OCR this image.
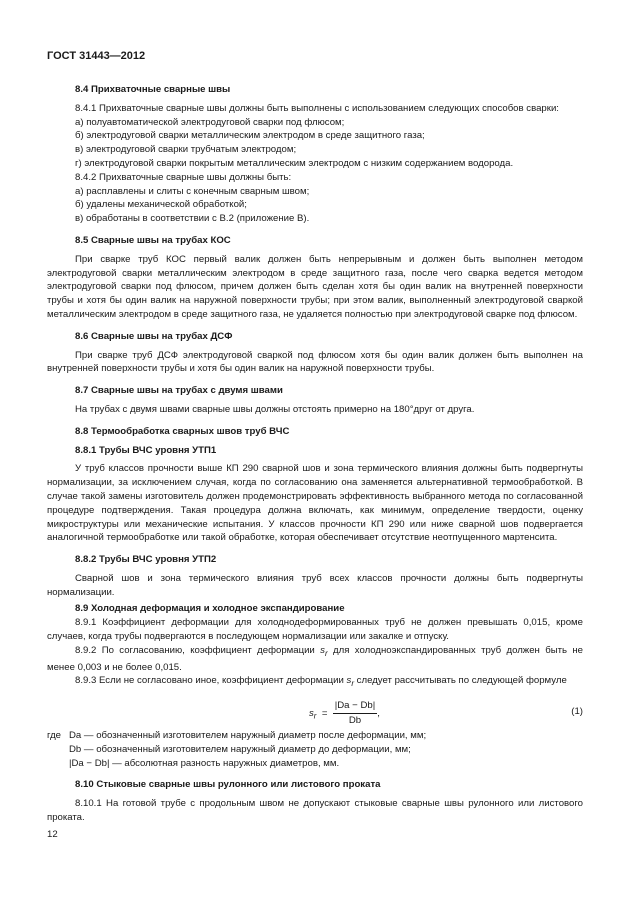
ГОСТ 31443—2012
8.4 Прихваточные сварные швы

8.4.1 Прихваточные сварные швы должны быть выполнены с использованием следующих способов сварки:

а) полуавтоматической электродуговой сварки под флюсом;
б) электродуговой сварки металлическим электродом в среде защитного газа;
в) электродуговой сварки трубчатым электродом;
г) электродуговой сварки покрытым металлическим электродом с низким содержанием водорода.

8.4.2 Прихваточные сварные швы должны быть:

а) расплавлены и слиты с конечным сварным швом;
б) удалены механической обработкой;
в) обработаны в соответствии с В.2 (приложение В).
8.5 Сварные швы на трубах КОС

При сварке труб КОС первый валик должен быть непрерывным и должен быть выполнен методом электродуговой сварки металлическим электродом в среде защитного газа, после чего сварка ведется методом электродуговой сварки под флюсом, причем должен быть сделан хотя бы один валик на внутренней поверхности трубы и хотя бы один валик на наружной поверхности трубы; при этом валик, выполненный электродуговой сваркой металлическим электродом в среде защитного газа, не удаляется полностью при электродуговой сварке под флюсом.

8.6 Сварные швы на трубах ДСФ

При сварке труб ДСФ электродуговой сваркой под флюсом хотя бы один валик должен быть выполнен на внутренней поверхности трубы и хотя бы один валик на наружной поверхности трубы.

8.7 Сварные швы на трубах с двумя швами

На трубах с двумя швами сварные швы должны отстоять примерно на 180°друг от друга.

8.8 Термообработка сварных швов труб ВЧС
8.8.1 Трубы ВЧС уровня УТП1

У труб классов прочности выше КП 290 сварной шов и зона термического влияния должны быть подвергнуты нормализации, за исключением случая, когда по согласованию она заменяется альтернативной термообработкой. В случае такой замены изготовитель должен продемонстрировать эффективность выбранного метода по согласованной процедуре подтверждения. Такая процедура должна включать, как минимум, определение твердости, оценку микроструктуры или механические испытания. У классов прочности КП 290 или ниже сварной шов подвергается аналогичной термообработке или такой обработке, которая обеспечивает отсутствие неотпущенного мартенсита.

8.8.2 Трубы ВЧС уровня УТП2

Сварной шов и зона термического влияния труб всех классов прочности должны быть подвергнуты нормализации.

8.9 Холодная деформация и холодное экспандирование

8.9.1 Коэффициент деформации для холоднодеформированных труб не должен превышать 0,015, кроме случаев, когда трубы подвергаются в последующем нормализации или закалке и отпуску.

8.9.2 По согласованию, коэффициент деформации $s_r$ для холодноэкспандированных труб должен быть не менее 0,003 и не более 0,015.

8.9.3 Если не согласовано иное, коэффициент деформации $s_r$ следует рассчитывать по следующей формуле

$s_r = \frac{|Da - Db|}{Db}$ ,	(1)
где Da — обозначенный изготовителем наружный диаметр после деформации, мм;
Db — обозначенный изготовителем наружный диаметр до деформации, мм;
|Da − Db| — абсолютная разность наружных диаметров, мм.
8.10 Стыковые сварные швы рулонного или листового проката

8.10.1 На готовой трубе с продольным швом не допускают стыковые сварные швы рулонного или листового проката.

12
